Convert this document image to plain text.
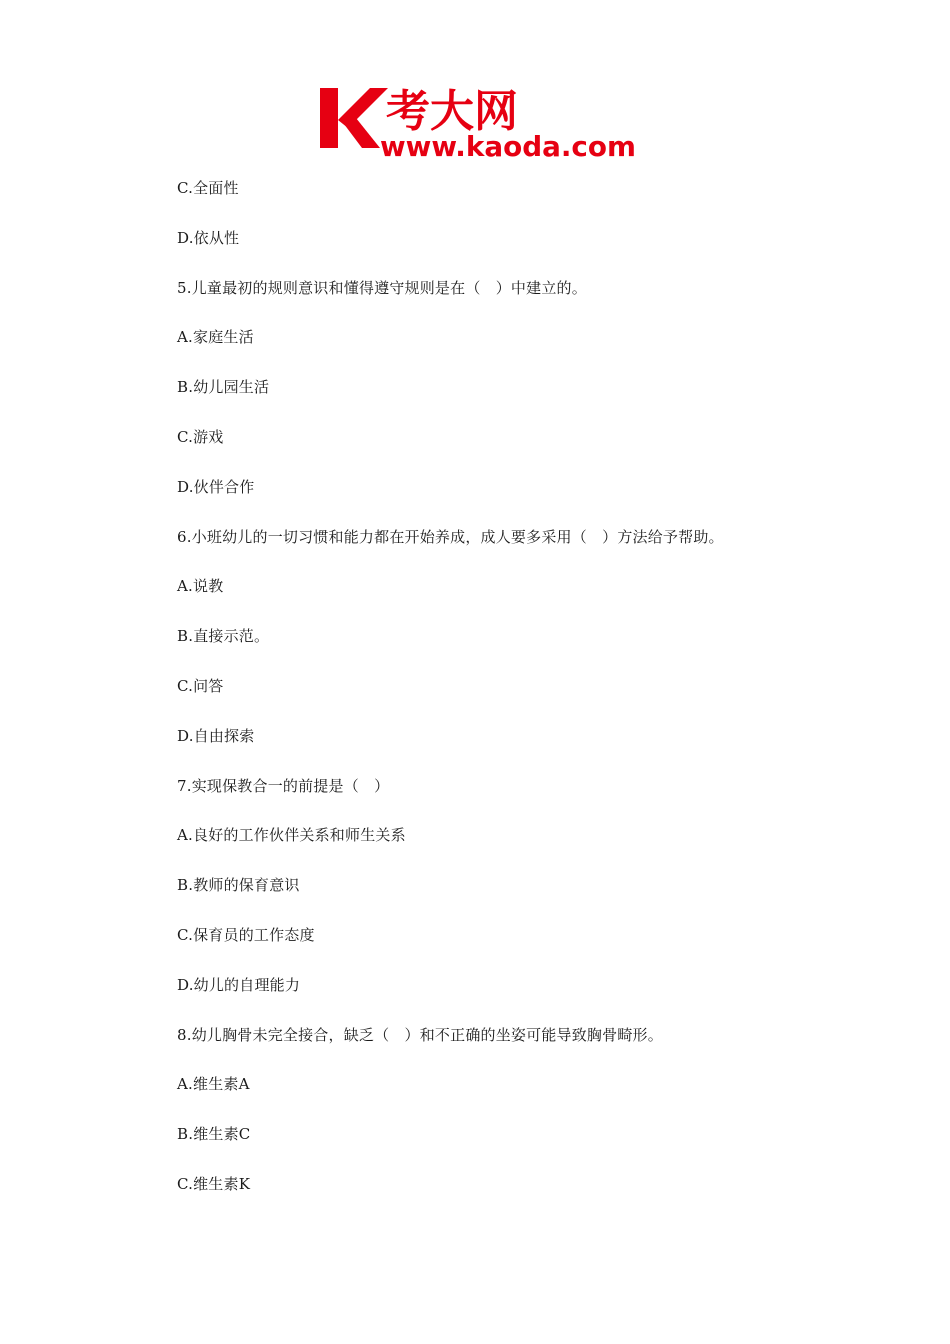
考大网
www.kaoda.com
C.全面性
D.依从性
5.儿童最初的规则意识和懂得遵守规则是在（　）中建立的。
A.家庭生活
B.幼儿园生活
C.游戏
D.伙伴合作
6.小班幼儿的一切习惯和能力都在开始养成，成人要多采用（　）方法给予帮助。
A.说教
B.直接示范。
C.问答
D.自由探索
7.实现保教合一的前提是（　）
A.良好的工作伙伴关系和师生关系
B.教师的保育意识
C.保育员的工作态度
D.幼儿的自理能力
8.幼儿胸骨未完全接合，缺乏（　）和不正确的坐姿可能导致胸骨畸形。
A.维生素A
B.维生素C
C.维生素K
